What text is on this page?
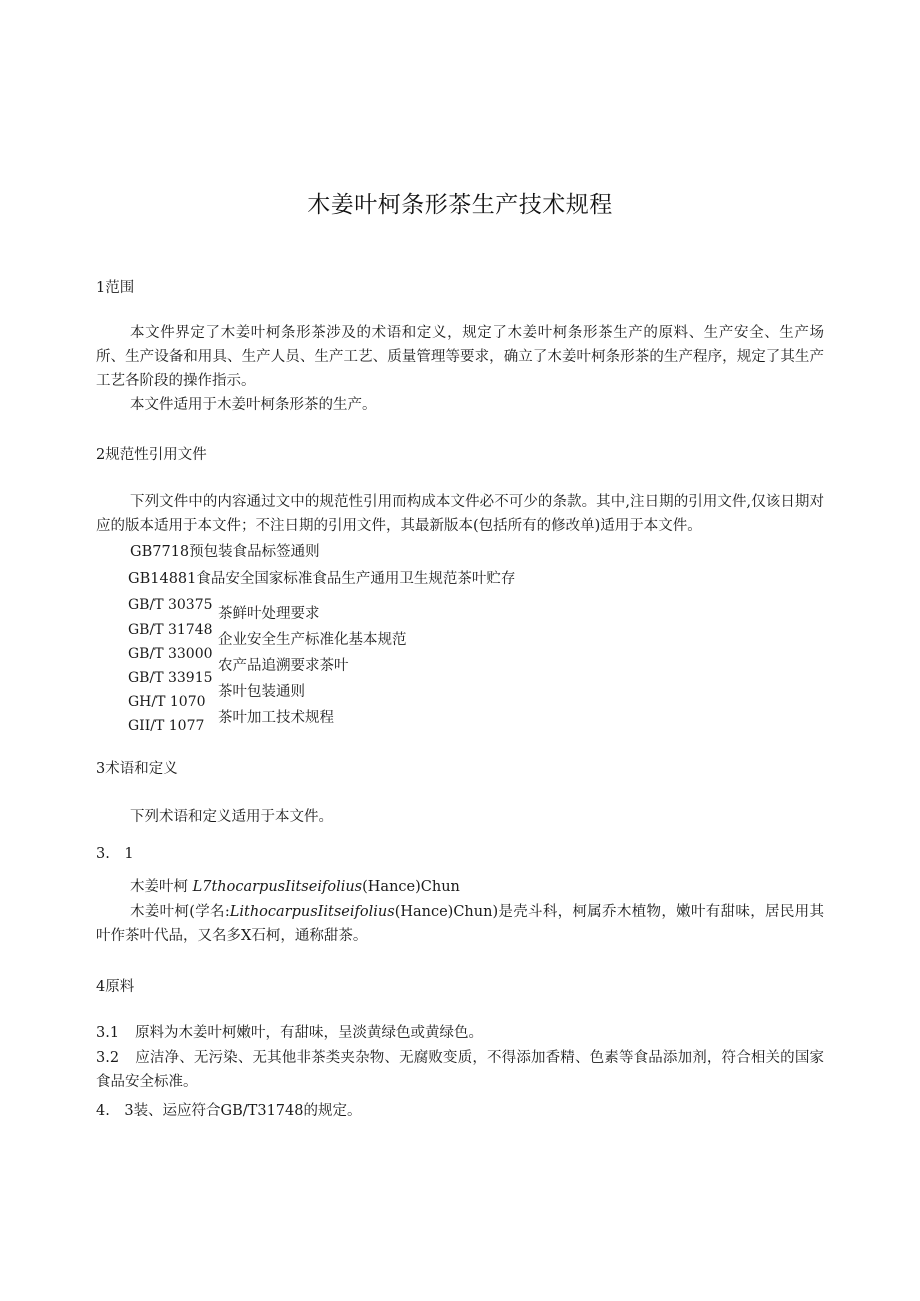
木姜叶柯条形茶生产技术规程
1范围
本文件界定了木姜叶柯条形茶涉及的术语和定义，规定了木姜叶柯条形茶生产的原料、生产安全、生产场所、生产设备和用具、生产人员、生产工艺、质量管理等要求，确立了木姜叶柯条形茶的生产程序，规定了其生产工艺各阶段的操作指示。
本文件适用于木姜叶柯条形茶的生产。
2规范性引用文件
下列文件中的内容通过文中的规范性引用而构成本文件必不可少的条款。其中,注日期的引用文件,仅该日期对应的版本适用于本文件；不注日期的引用文件，其最新版本(包括所有的修改单)适用于本文件。
GB7718预包装食品标签通则
GB14881食品安全国家标准食品生产通用卫生规范茶叶贮存
GB/T 30375
GB/T 31748
GB/T 33000
GB/T 33915
GH/T 1070
GII/T 1077
茶鲜叶处理要求
企业安全生产标准化基本规范
农产品追溯要求茶叶
茶叶包装通则
茶叶加工技术规程
3术语和定义
下列术语和定义适用于本文件。
3.　1
木姜叶柯 L7thocarpusIitseifolius(Hance)Chun
木姜叶柯(学名:LithocarpusIitseifolius(Hance)Chun)是壳斗科，柯属乔木植物，嫩叶有甜味，居民用其叶作茶叶代品，又名多X石柯，通称甜茶。
4原料
3.1 原料为木姜叶柯嫩叶，有甜味，呈淡黄绿色或黄绿色。
3.2 应洁净、无污染、无其他非茶类夹杂物、无腐败变质，不得添加香精、色素等食品添加剂，符合相关的国家食品安全标准。
4.　3装、运应符合GB/T31748的规定。
